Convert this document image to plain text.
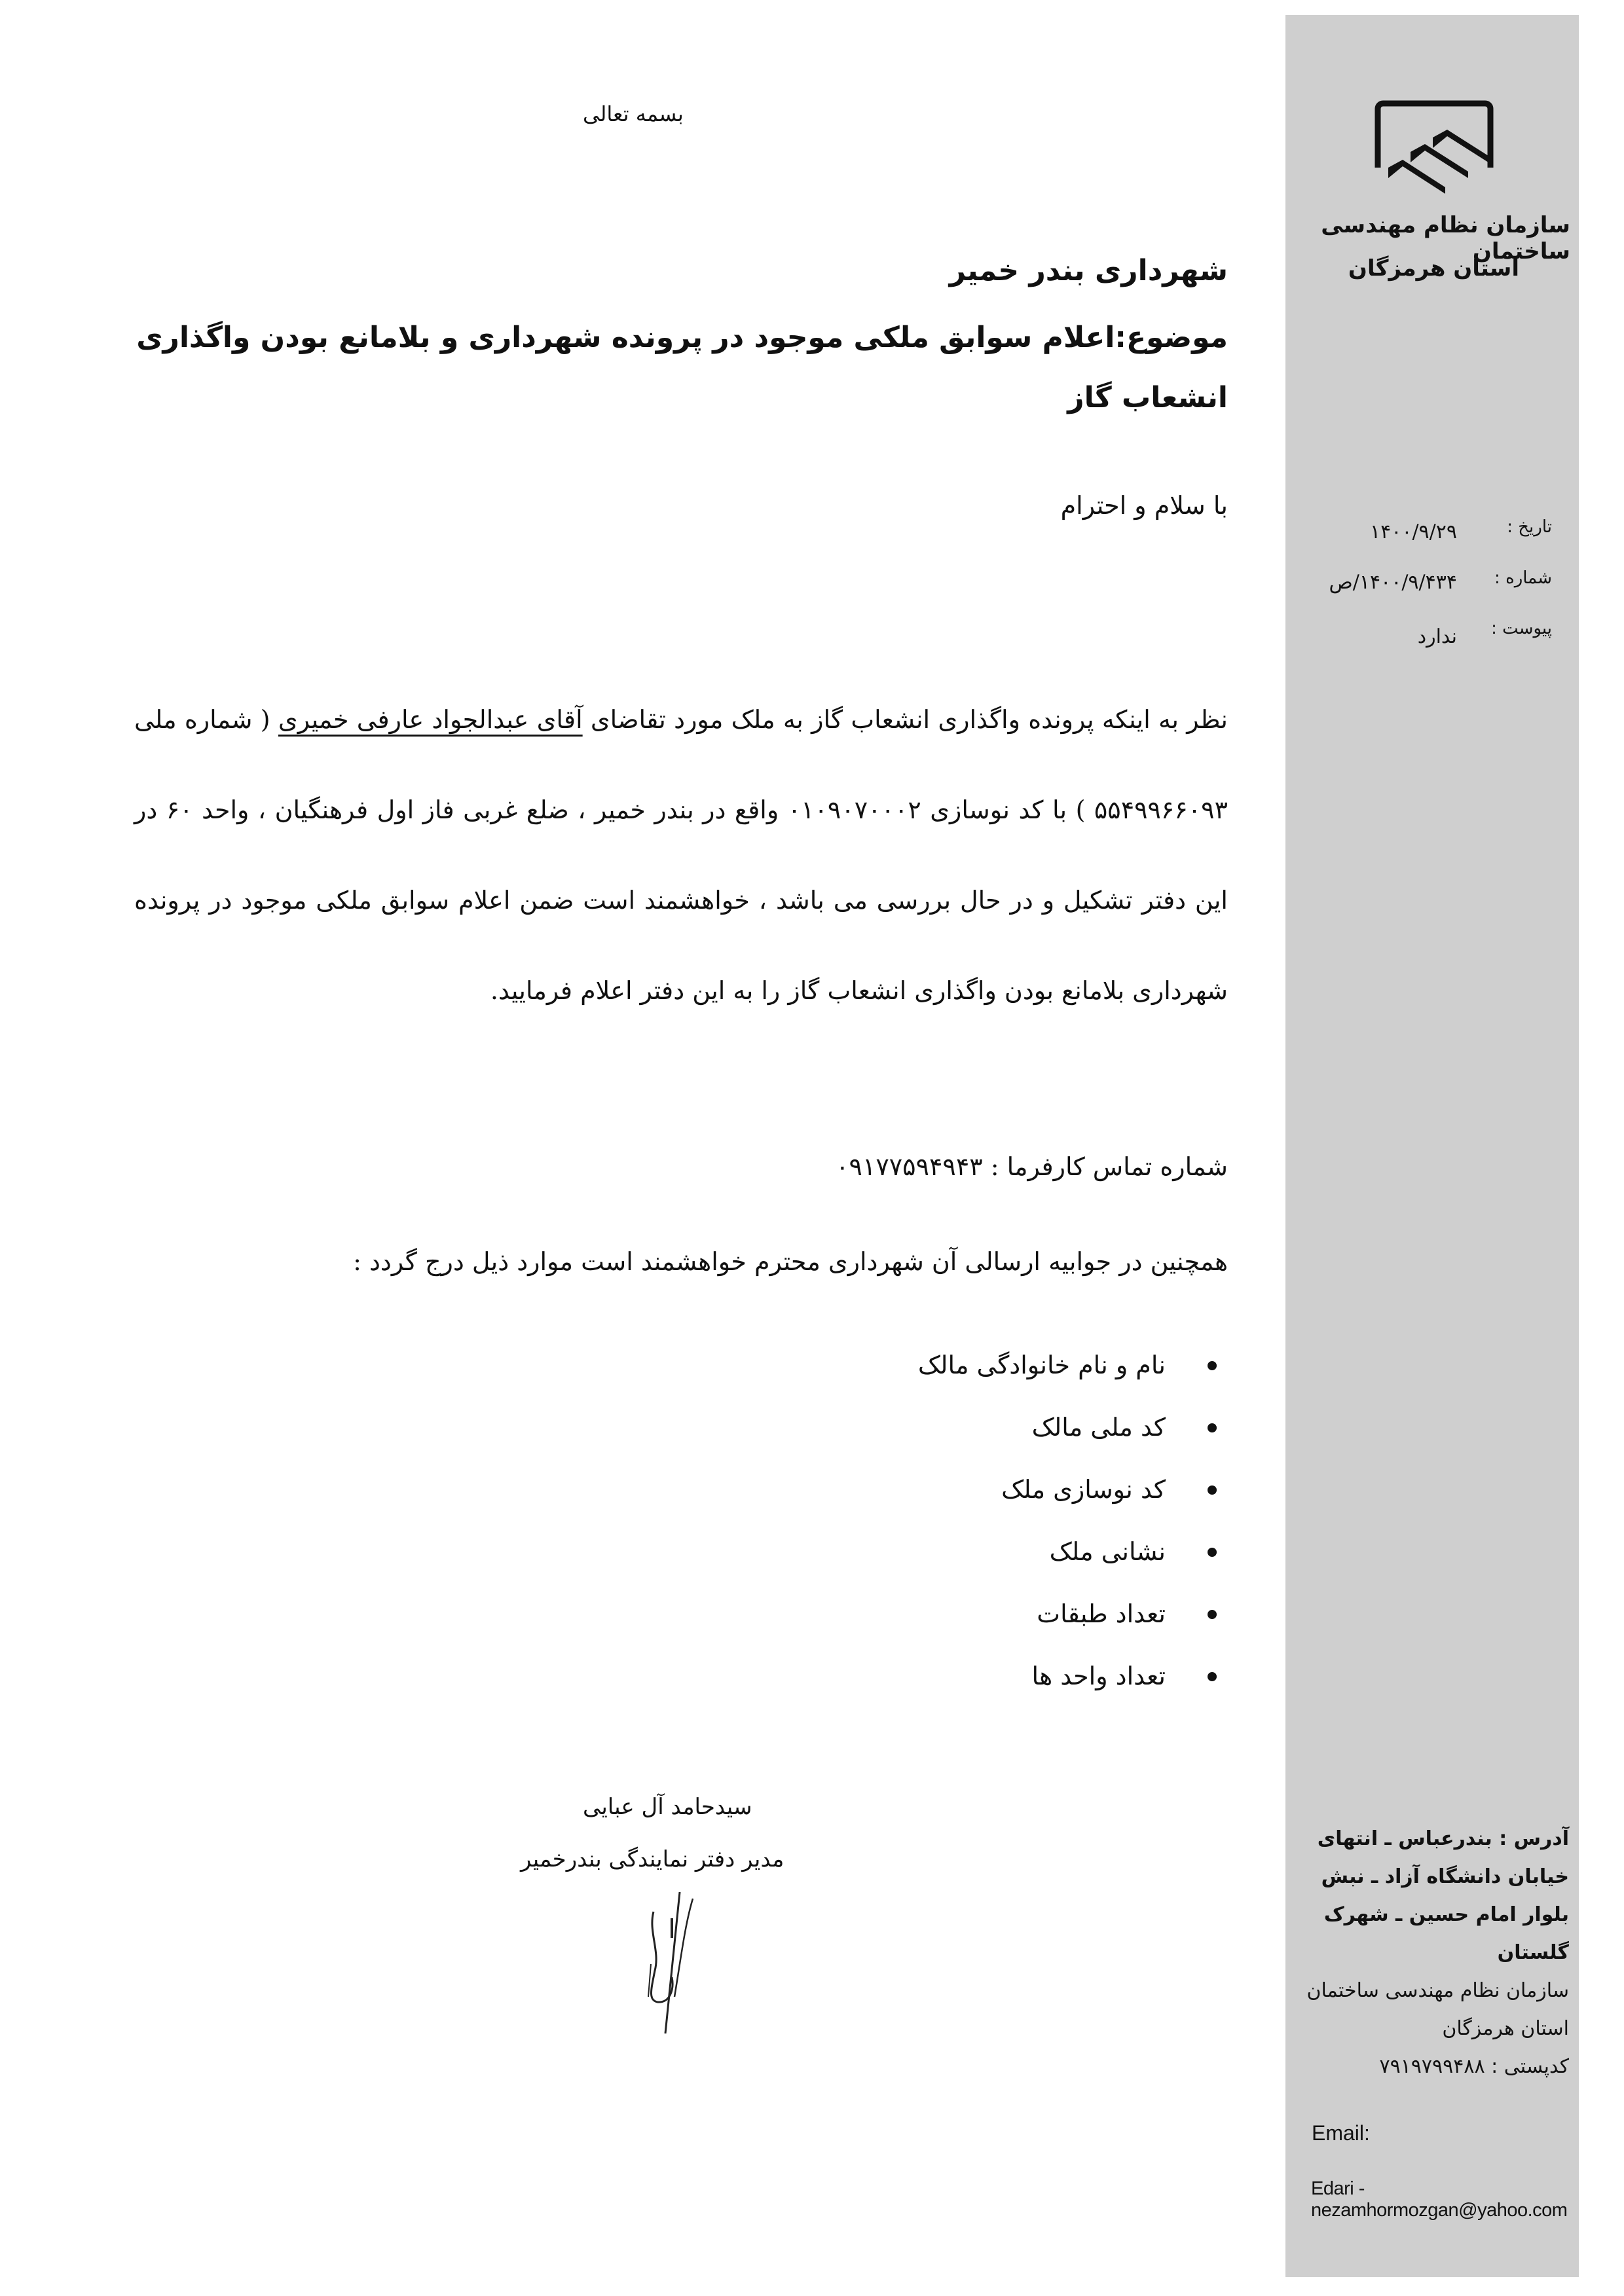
سازمان نظام مهندسی ساختمان
استان هرمزگان
تاریخ :
۱۴۰۰/۹/۲۹
شماره :
۱۴۰۰/۹/۴۳۴/ص
پیوست :
ندارد
آدرس : بندرعباس ـ انتهای
خیابان دانشگاه آزاد ـ نبش
بلوار امام حسین ـ شهرک
گلستان
سازمان نظام مهندسی ساختمان
استان هرمزگان
کدپستی : ۷۹۱۹۷۹۹۴۸۸
Email:
Edari - nezamhormozgan@yahoo.com
بسمه تعالی
شهرداری بندر خمیر
موضوع:اعلام سوابق ملکی موجود در پرونده شهرداری و بلامانع بودن واگذاری انشعاب گاز
با سلام و احترام
نظر به اینکه پرونده واگذاری انشعاب گاز به ملک مورد تقاضای آقای عبدالجواد عارفی خمیری ( شماره ملی ۵۵۴۹۹۶۶۰۹۳ ) با کد نوسازی ۰۱۰۹۰۷۰۰۰۲ واقع در بندر خمیر ، ضلع غربی فاز اول فرهنگیان ، واحد ۶۰ در این دفتر تشکیل و در حال بررسی می باشد ، خواهشمند است ضمن اعلام سوابق ملکی موجود در پرونده شهرداری بلامانع بودن واگذاری انشعاب گاز را به این دفتر اعلام فرمایید.
شماره تماس کارفرما : ۰۹۱۷۷۵۹۴۹۴۳
همچنین در جوابیه ارسالی آن شهرداری محترم خواهشمند است موارد ذیل درج گردد :
نام و نام خانوادگی مالک
کد ملی مالک
کد نوسازی ملک
نشانی ملک
تعداد طبقات
تعداد واحد ها
سیدحامد آل عبایی
مدیر دفتر نمایندگی بندرخمیر
